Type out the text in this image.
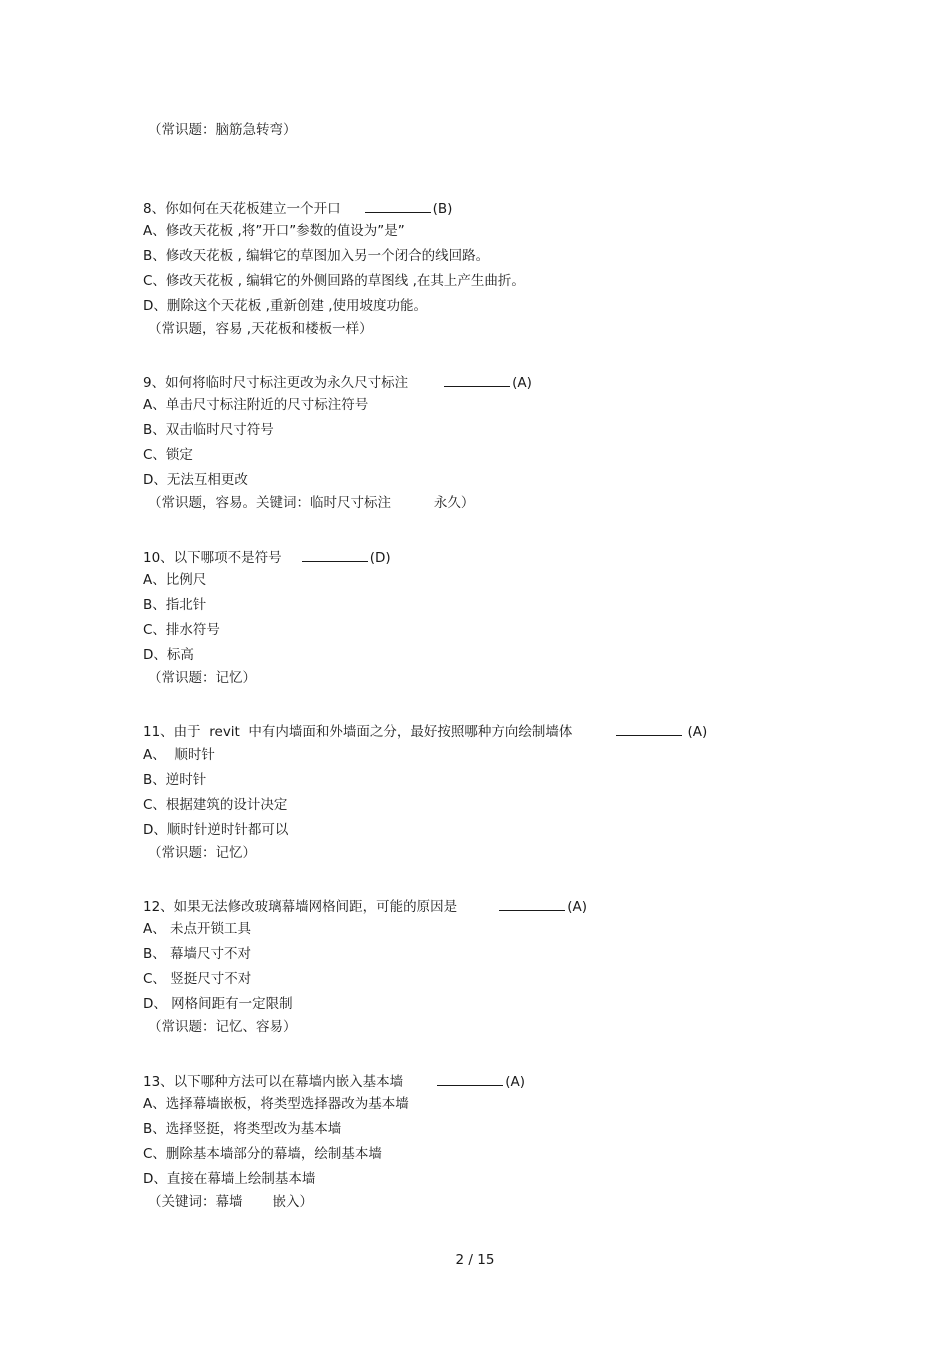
（常识题：脑筋急转弯）

8、你如何在天花板建立一个开口	(B)

A、修改天花板 ,将”开口”参数的值设为”是”

B、修改天花板 , 编辑它的草图加入另一个闭合的线回路。

C、修改天花板 , 编辑它的外侧回路的草图线 ,在其上产生曲折。

D、删除这个天花板 ,重新创建 ,使用坡度功能。

（常识题，容易 ,天花板和楼板一样）

9、如何将临时尺寸标注更改为永久尺寸标注	(A)

A、单击尺寸标注附近的尺寸标注符号

B、双击临时尺寸符号

C、锁定

D、无法互相更改

（常识题，容易。关键词：临时尺寸标注          永久）

10、以下哪项不是符号	(D)

A、比例尺

B、指北针

C、排水符号

D、标高

（常识题：记忆）

11、由于  revit  中有内墙面和外墙面之分，最好按照哪种方向绘制墙体	(A)

A、  顺时针

B、逆时针

C、根据建筑的设计决定

D、顺时针逆时针都可以

（常识题：记忆）

12、如果无法修改玻璃幕墙网格间距，可能的原因是	(A)

A、 未点开锁工具

B、 幕墙尺寸不对

C、 竖挺尺寸不对

D、 网格间距有一定限制

（常识题：记忆、容易）

13、以下哪种方法可以在幕墙内嵌入基本墙	(A)

A、选择幕墙嵌板，将类型选择器改为基本墙

B、选择竖挺，将类型改为基本墙

C、删除基本墙部分的幕墙，绘制基本墙

D、直接在幕墙上绘制基本墙

（关键词：幕墙       嵌入）

2 / 15
